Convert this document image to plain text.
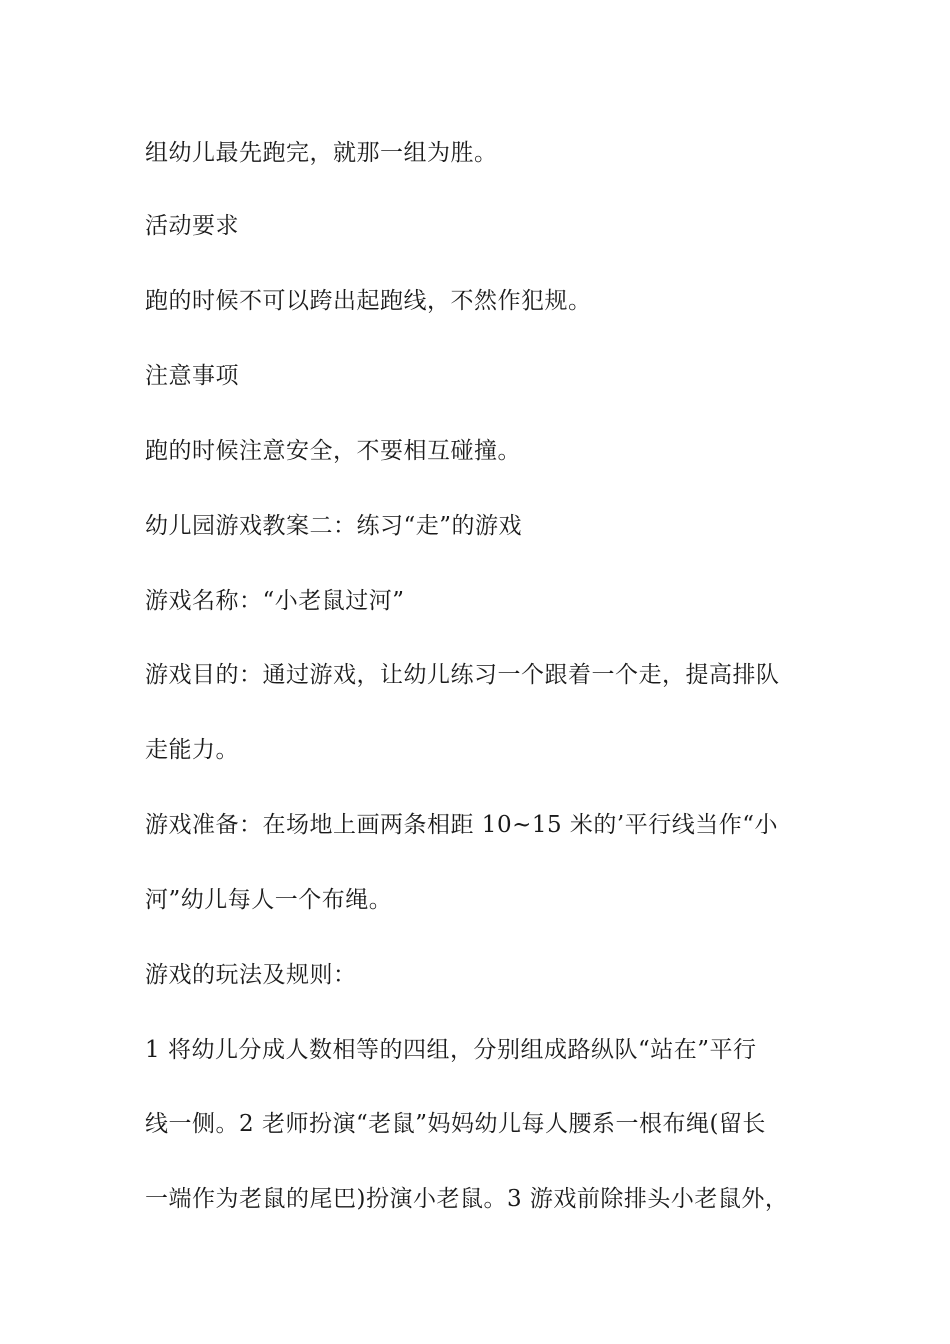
组幼儿最先跑完，就那一组为胜。
活动要求
跑的时候不可以跨出起跑线，不然作犯规。
注意事项
跑的时候注意安全，不要相互碰撞。
幼儿园游戏教案二：练习“走”的游戏
游戏名称：“小老鼠过河”
游戏目的：通过游戏，让幼儿练习一个跟着一个走，提高排队
走能力。
游戏准备：在场地上画两条相距 10~15 米的’平行线当作“小
河”幼儿每人一个布绳。
游戏的玩法及规则：
1 将幼儿分成人数相等的四组，分别组成路纵队“站在”平行
线一侧。2 老师扮演“老鼠”妈妈幼儿每人腰系一根布绳(留长
一端作为老鼠的尾巴)扮演小老鼠。3 游戏前除排头小老鼠外，
